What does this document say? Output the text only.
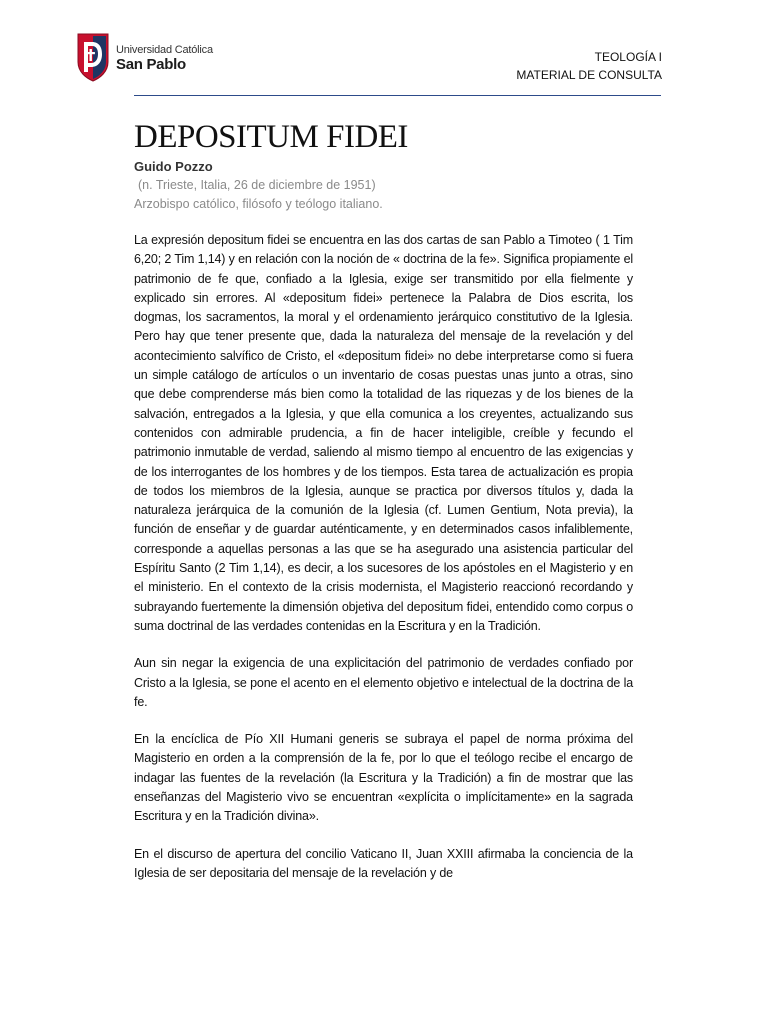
Universidad Católica
San Pablo	TEOLOGÍA I
MATERIAL DE CONSULTA
DEPOSITUM FIDEI
Guido Pozzo
(n. Trieste, Italia, 26 de diciembre de 1951)
Arzobispo católico, filósofo y teólogo italiano.

La expresión depositum fidei se encuentra en las dos cartas de san Pablo a Timoteo ( 1 Tim 6,20; 2 Tim 1,14) y en relación con la noción de « doctrina de la fe». Significa propiamente el patrimonio de fe que, confiado a la Iglesia, exige ser transmitido por ella fielmente y explicado sin errores. Al «depositum fidei» pertenece la Palabra de Dios escrita, los dogmas, los sacramentos, la moral y el ordenamiento jerárquico constitutivo de la Iglesia. Pero hay que tener presente que, dada la naturaleza del mensaje de la revelación y del acontecimiento salvífico de Cristo, el «depositum fidei» no debe interpretarse como si fuera un simple catálogo de artículos o un inventario de cosas puestas unas junto a otras, sino que debe comprenderse más bien como la totalidad de las riquezas y de los bienes de la salvación, entregados a la Iglesia, y que ella comunica a los creyentes, actualizando sus contenidos con admirable prudencia, a fin de hacer inteligible, creíble y fecundo el patrimonio inmutable de verdad, saliendo al mismo tiempo al encuentro de las exigencias y de los interrogantes de los hombres y de los tiempos. Esta tarea de actualización es propia de todos los miembros de la Iglesia, aunque se practica por diversos títulos y, dada la naturaleza jerárquica de la comunión de la Iglesia (cf. Lumen Gentium, Nota previa), la función de enseñar y de guardar auténticamente, y en determinados casos infaliblemente, corresponde a aquellas personas a las que se ha asegurado una asistencia particular del Espíritu Santo (2 Tim 1,14), es decir, a los sucesores de los apóstoles en el Magisterio y en el ministerio. En el contexto de la crisis modernista, el Magisterio reaccionó recordando y subrayando fuertemente la dimensión objetiva del depositum fidei, entendido como corpus o suma doctrinal de las verdades contenidas en la Escritura y en la Tradición.

Aun sin negar la exigencia de una explicitación del patrimonio de verdades confiado por Cristo a la Iglesia, se pone el acento en el elemento objetivo e intelectual de la doctrina de la fe.

En la encíclica de Pío XII Humani generis se subraya el papel de norma próxima del Magisterio en orden a la comprensión de la fe, por lo que el teólogo recibe el encargo de indagar las fuentes de la revelación (la Escritura y la Tradición) a fin de mostrar que las enseñanzas del Magisterio vivo se encuentran «explícita o implícitamente» en la sagrada Escritura y en la Tradición divina».

En el discurso de apertura del concilio Vaticano II, Juan XXIII afirmaba la conciencia de la Iglesia de ser depositaria del mensaje de la revelación y de
